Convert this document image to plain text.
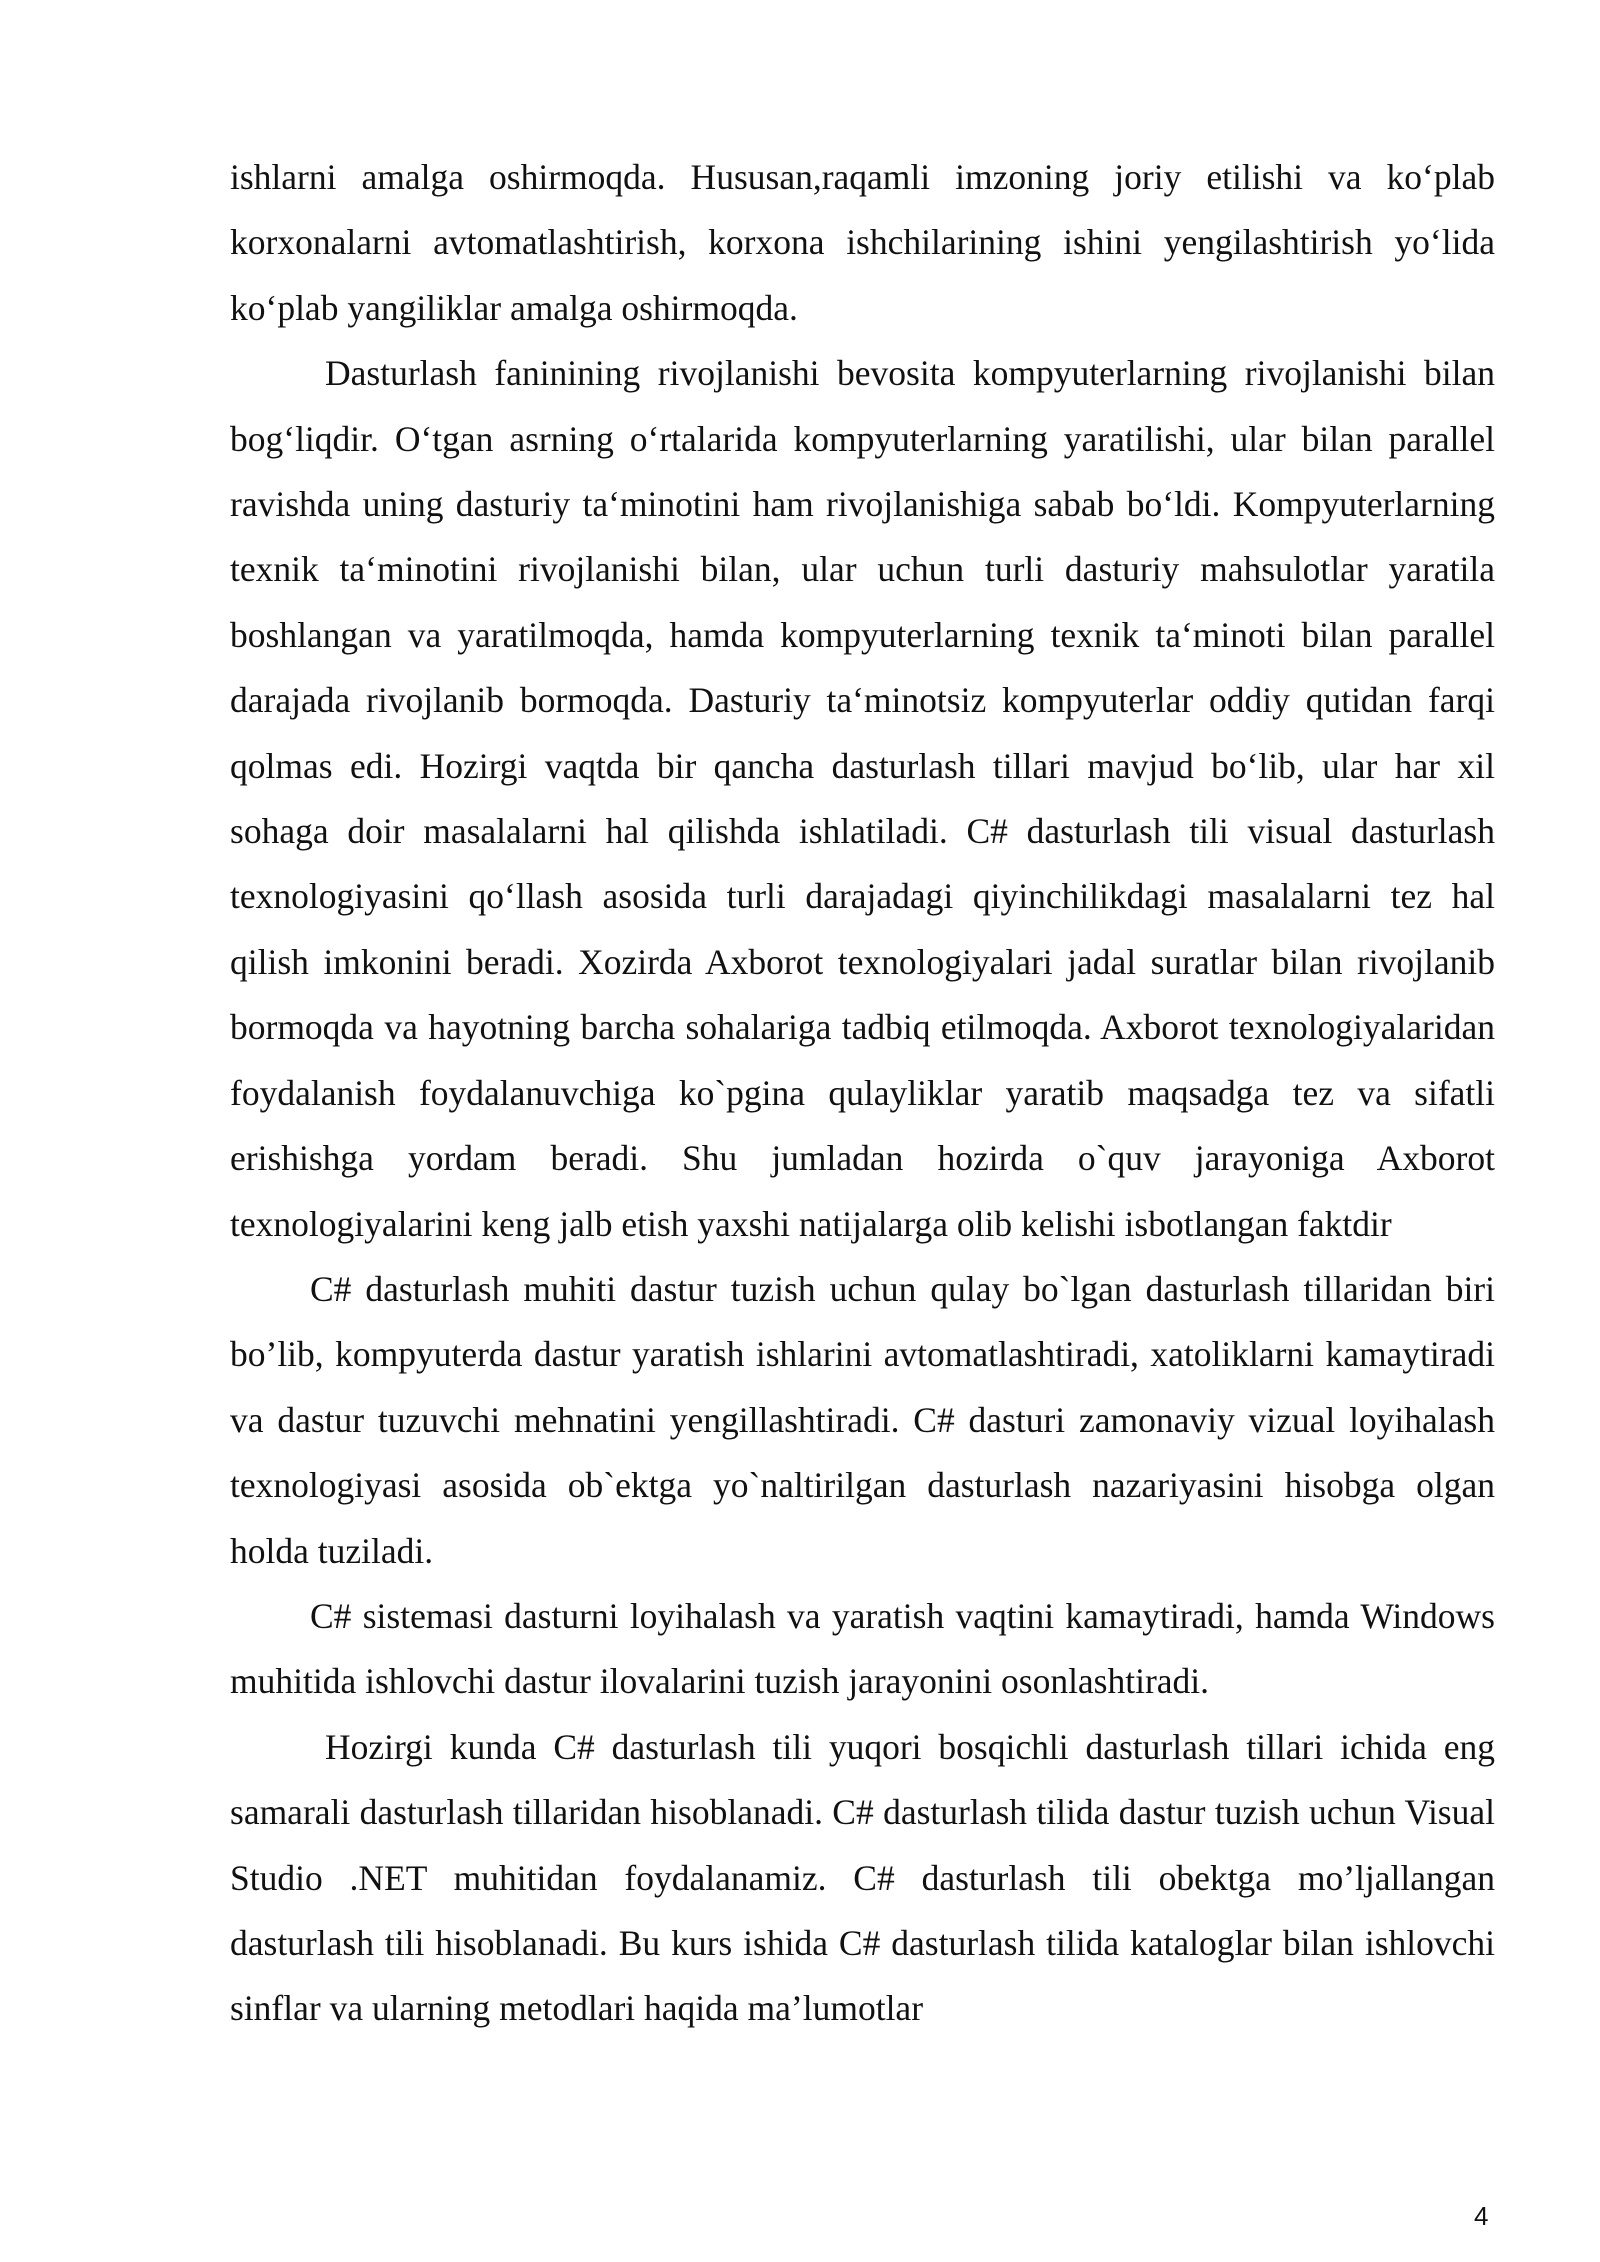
ishlarni amalga oshirmoqda. Hususan,raqamli imzoning joriy etilishi va ko‘plab korxonalarni avtomatlashtirish, korxona ishchilarining ishini yengilashtirish yo‘lida ko‘plab yangiliklar amalga oshirmoqda.

Dasturlash faninining rivojlanishi bevosita kompyuterlarning rivojlanishi bilan bog‘liqdir. O‘tgan asrning o‘rtalarida kompyuterlarning yaratilishi, ular bilan parallel ravishda uning dasturiy ta‘minotini ham rivojlanishiga sabab bo‘ldi. Kompyuterlarning texnik ta‘minotini rivojlanishi bilan, ular uchun turli dasturiy mahsulotlar yaratila boshlangan va yaratilmoqda, hamda kompyuterlarning texnik ta‘minoti bilan parallel darajada rivojlanib bormoqda. Dasturiy ta‘minotsiz kompyuterlar oddiy qutidan farqi qolmas edi. Hozirgi vaqtda bir qancha dasturlash tillari mavjud bo‘lib, ular har xil sohaga doir masalalarni hal qilishda ishlatiladi. C# dasturlash tili visual dasturlash texnologiyasini qo‘llash asosida turli darajadagi qiyinchilikdagi masalalarni tez hal qilish imkonini beradi. Xozirda Axborot texnologiyalari jadal suratlar bilan rivojlanib bormoqda va hayotning barcha sohalariga tadbiq etilmoqda. Axborot texnologiyalaridan foydalanish foydalanuvchiga ko`pgina qulayliklar yaratib maqsadga tez va sifatli erishishga yordam beradi. Shu jumladan hozirda o`quv jarayoniga Axborot texnologiyalarini keng jalb etish yaxshi natijalarga olib kelishi isbotlangan faktdir

C# dasturlash muhiti dastur tuzish uchun qulay bo`lgan dasturlash tillaridan biri bo’lib, kompyuterda dastur yaratish ishlarini avtomatlashtiradi, xatoliklarni kamaytiradi va dastur tuzuvchi mehnatini yengillashtiradi. C# dasturi zamonaviy vizual loyihalash texnologiyasi asosida ob`ektga yo`naltirilgan dasturlash nazariyasini hisobga olgan holda tuziladi.

C# sistemasi dasturni loyihalash va yaratish vaqtini kamaytiradi, hamda Windows muhitida ishlovchi dastur ilovalarini tuzish jarayonini osonlashtiradi.

Hozirgi kunda C# dasturlash tili yuqori bosqichli dasturlash tillari ichida eng samarali dasturlash tillaridan hisoblanadi. C# dasturlash tilida dastur tuzish uchun Visual Studio .NET muhitidan foydalanamiz. C# dasturlash tili obektga mo’ljallangan dasturlash tili hisoblanadi. Bu kurs ishida C# dasturlash tilida kataloglar bilan ishlovchi sinflar va ularning metodlari haqida ma’lumotlar

4
